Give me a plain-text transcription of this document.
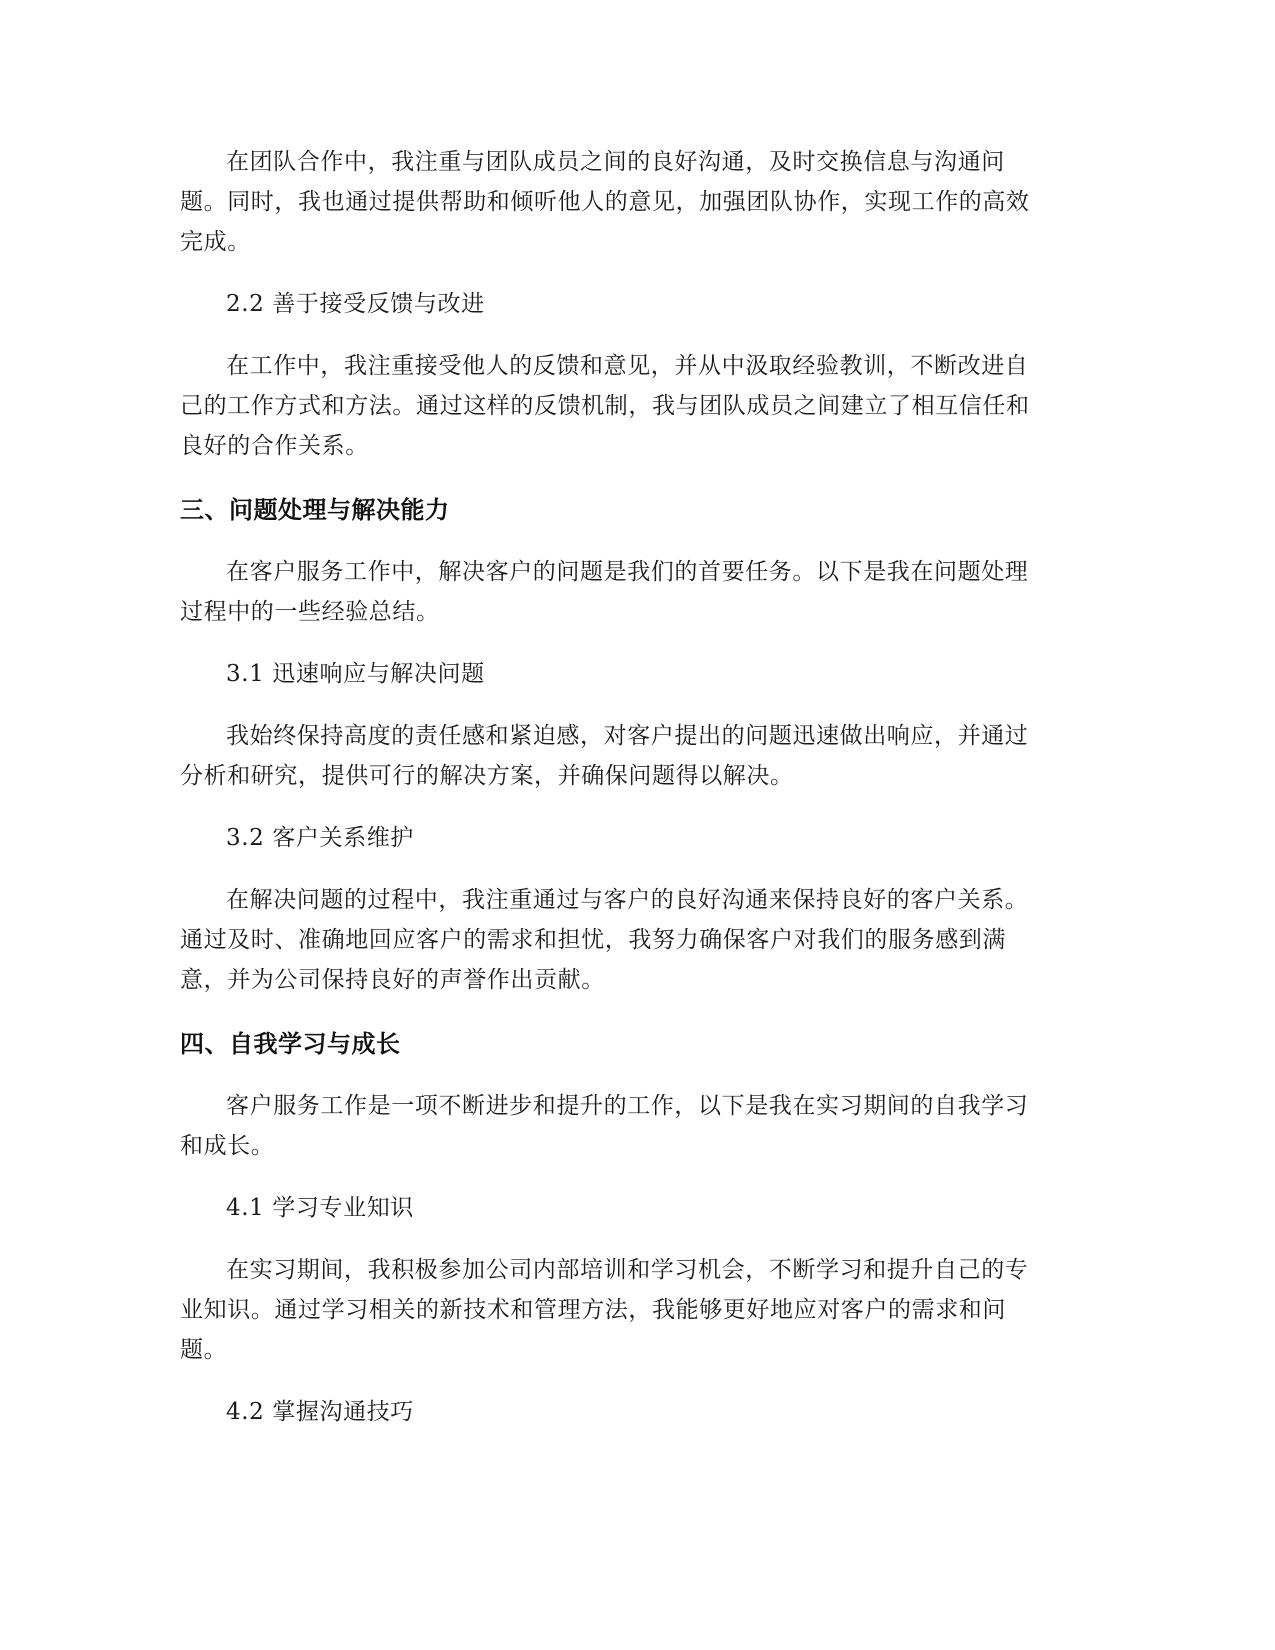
在团队合作中，我注重与团队成员之间的良好沟通，及时交换信息与沟通问题。同时，我也通过提供帮助和倾听他人的意见，加强团队协作，实现工作的高效完成。

2.2 善于接受反馈与改进

在工作中，我注重接受他人的反馈和意见，并从中汲取经验教训，不断改进自己的工作方式和方法。通过这样的反馈机制，我与团队成员之间建立了相互信任和良好的合作关系。

三、问题处理与解决能力

在客户服务工作中，解决客户的问题是我们的首要任务。以下是我在问题处理过程中的一些经验总结。

3.1 迅速响应与解决问题

我始终保持高度的责任感和紧迫感，对客户提出的问题迅速做出响应，并通过分析和研究，提供可行的解决方案，并确保问题得以解决。

3.2 客户关系维护

在解决问题的过程中，我注重通过与客户的良好沟通来保持良好的客户关系。通过及时、准确地回应客户的需求和担忧，我努力确保客户对我们的服务感到满意，并为公司保持良好的声誉作出贡献。

四、自我学习与成长

客户服务工作是一项不断进步和提升的工作，以下是我在实习期间的自我学习和成长。

4.1 学习专业知识

在实习期间，我积极参加公司内部培训和学习机会，不断学习和提升自己的专业知识。通过学习相关的新技术和管理方法，我能够更好地应对客户的需求和问题。

4.2 掌握沟通技巧
